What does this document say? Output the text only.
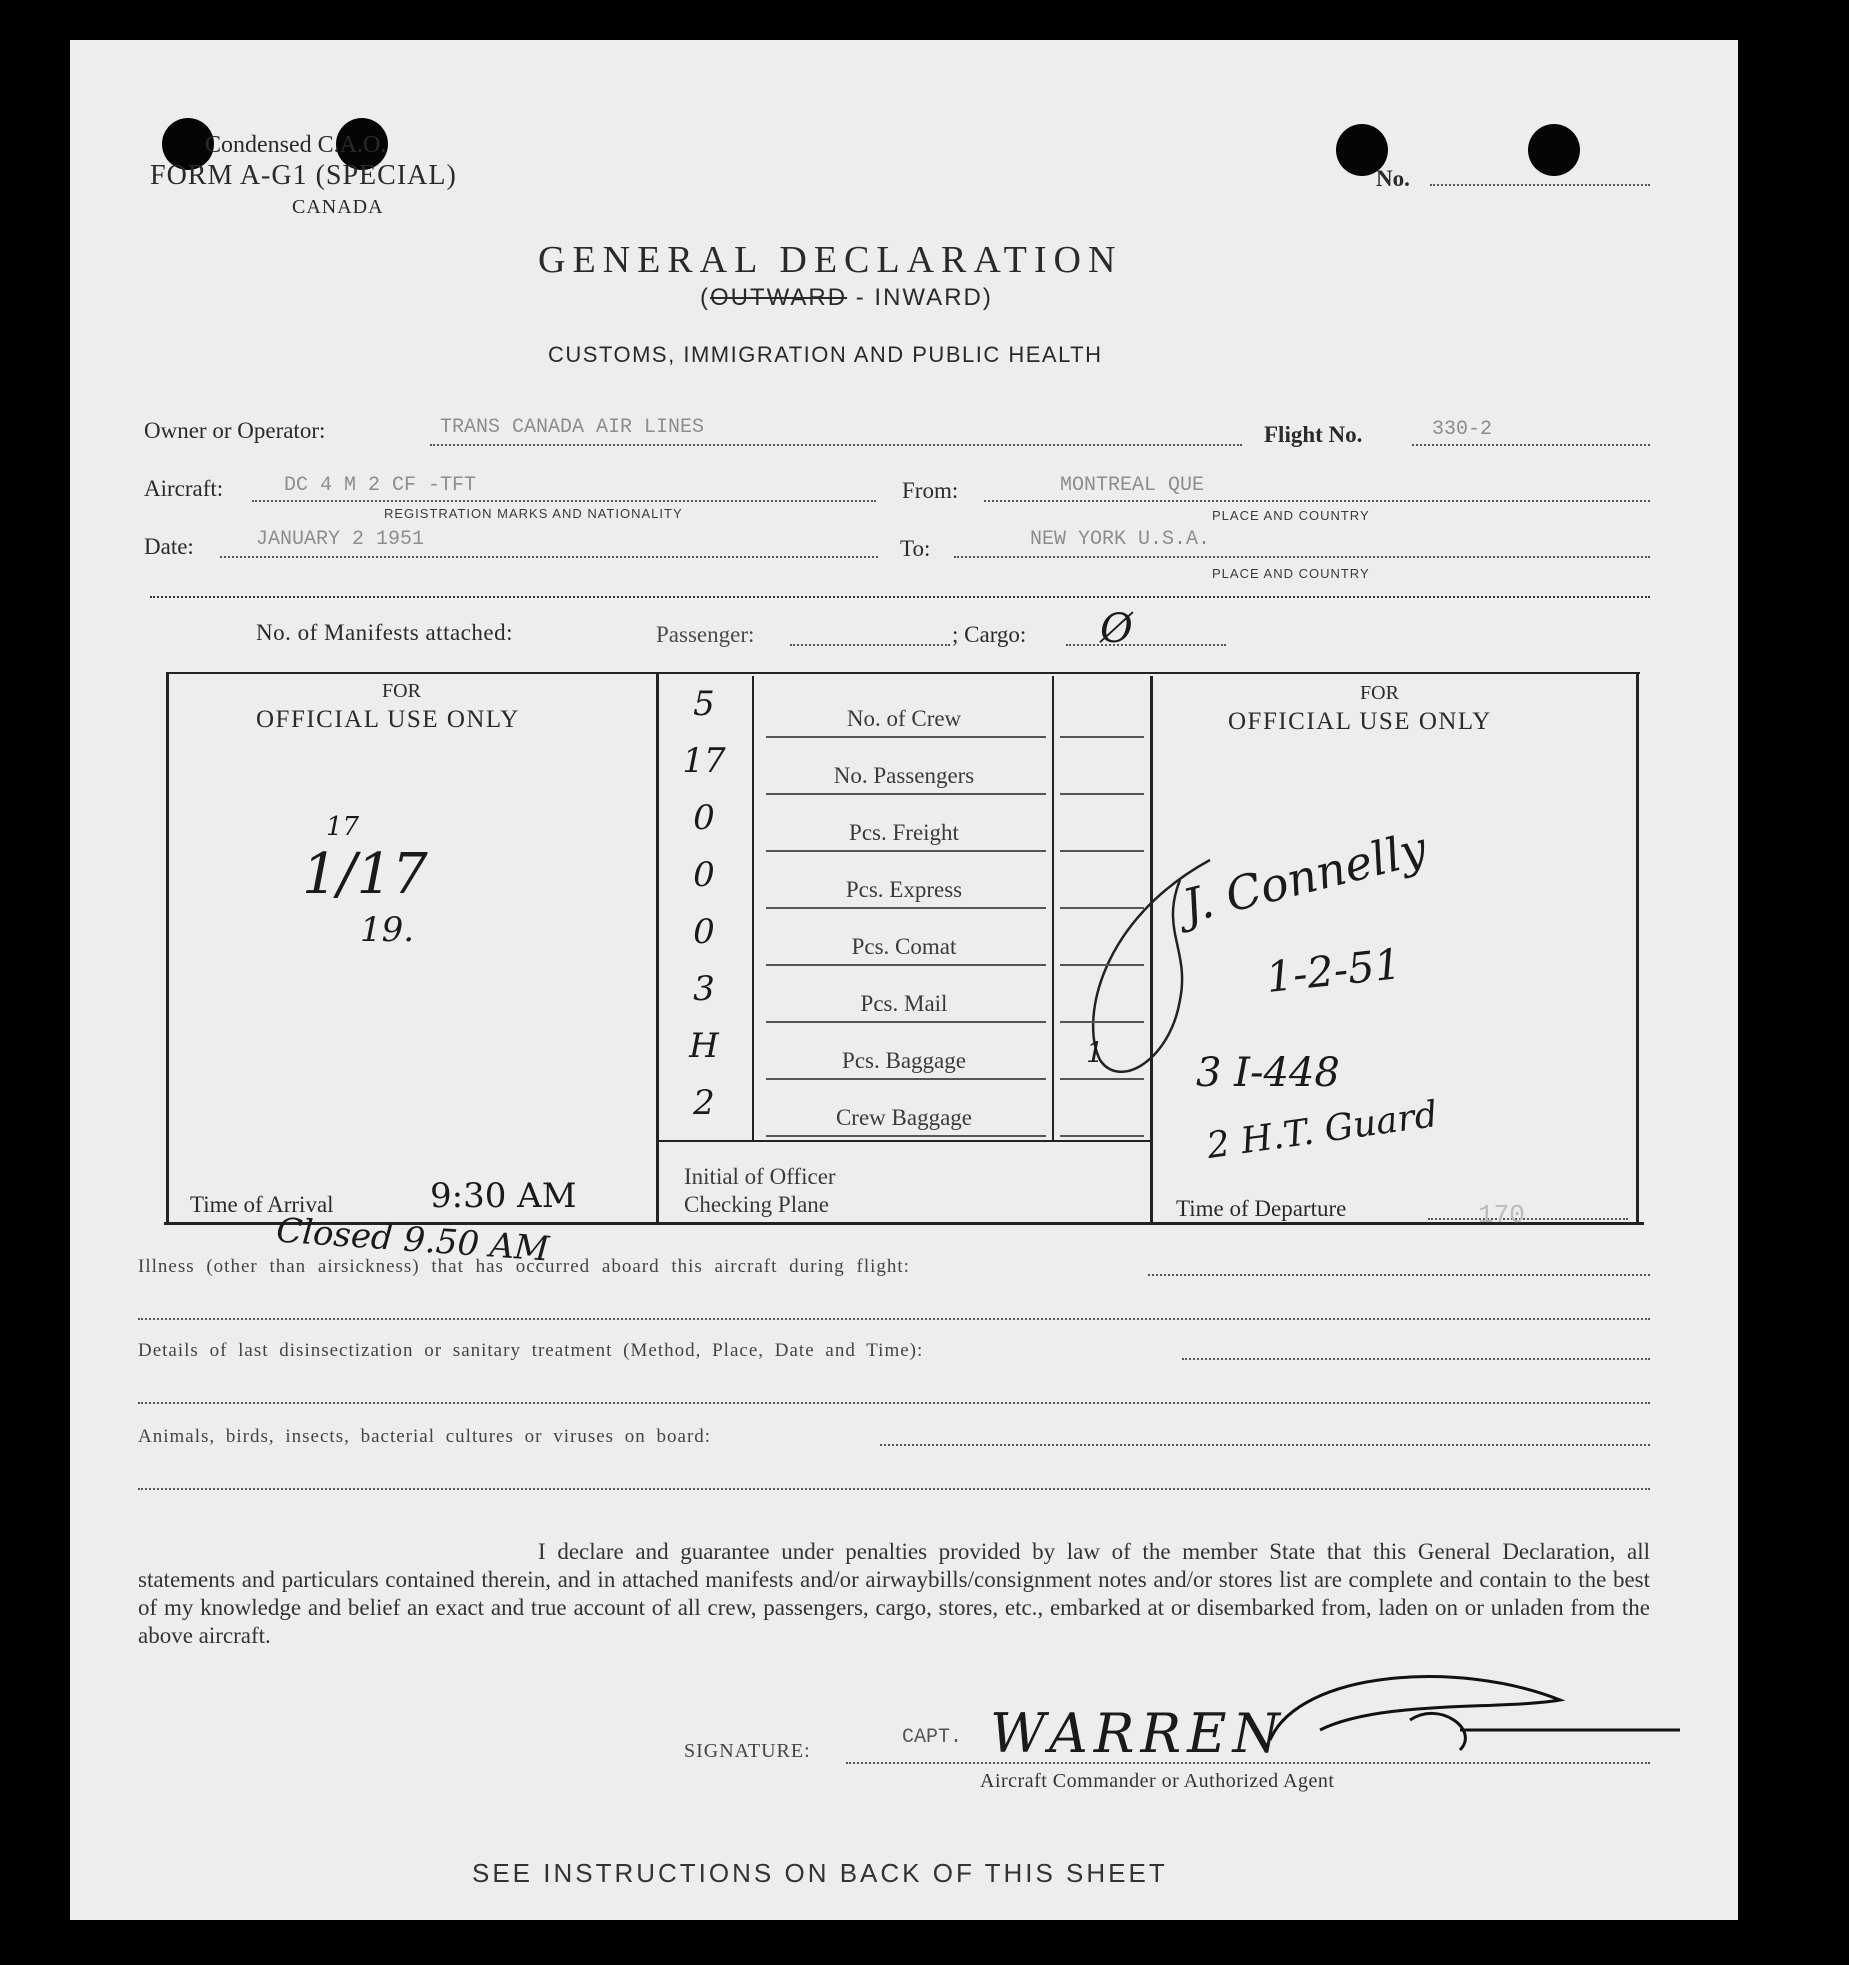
Condensed C.A.O.
FORM A-G1 (SPECIAL)
CANADA
No.
GENERAL DECLARATION
(OUTWARD - INWARD)
CUSTOMS, IMMIGRATION AND PUBLIC HEALTH
Owner or Operator:	TRANS CANADA AIR LINES	Flight No.	330-2
Aircraft:	DC 4 M 2 CF -TFT
REGISTRATION MARKS AND NATIONALITY
From:	MONTREAL QUE
PLACE AND COUNTRY
Date:	JANUARY 2 1951	To:	NEW YORK U.S.A.
PLACE AND COUNTRY
No. of Manifests attached:	Passenger:	; Cargo: Ø
FOR
OFFICIAL USE ONLY
1/17
17
19.
FOR
OFFICIAL USE ONLY
J. Connelly
1-2-51
3 I-448
2 H.T. Guard
5	No. of Crew
17	No. Passengers
0	Pcs. Freight
0	Pcs. Express
0	Pcs. Comat
3	Pcs. Mail
H	Pcs. Baggage	1
2	Crew Baggage
Initial of Officer
Checking Plane
Time of Arrival	9:30 AM	Time of Departure	170
Closed 9.50 AM
Illness (other than airsickness) that has occurred aboard this aircraft during flight:
Details of last disinsectization or sanitary treatment (Method, Place, Date and Time):
Animals, birds, insects, bacterial cultures or viruses on board:
I declare and guarantee under penalties provided by law of the member State that this General Declaration, all statements and particulars contained therein, and in attached manifests and/or airwaybills/consignment notes and/or stores list are complete and contain to the best of my knowledge and belief an exact and true account of all crew, passengers, cargo, stores, etc., embarked at or disembarked from, laden on or unladen from the above aircraft.
SIGNATURE:
CAPT. WARREN
Aircraft Commander or Authorized Agent
SEE INSTRUCTIONS ON BACK OF THIS SHEET
